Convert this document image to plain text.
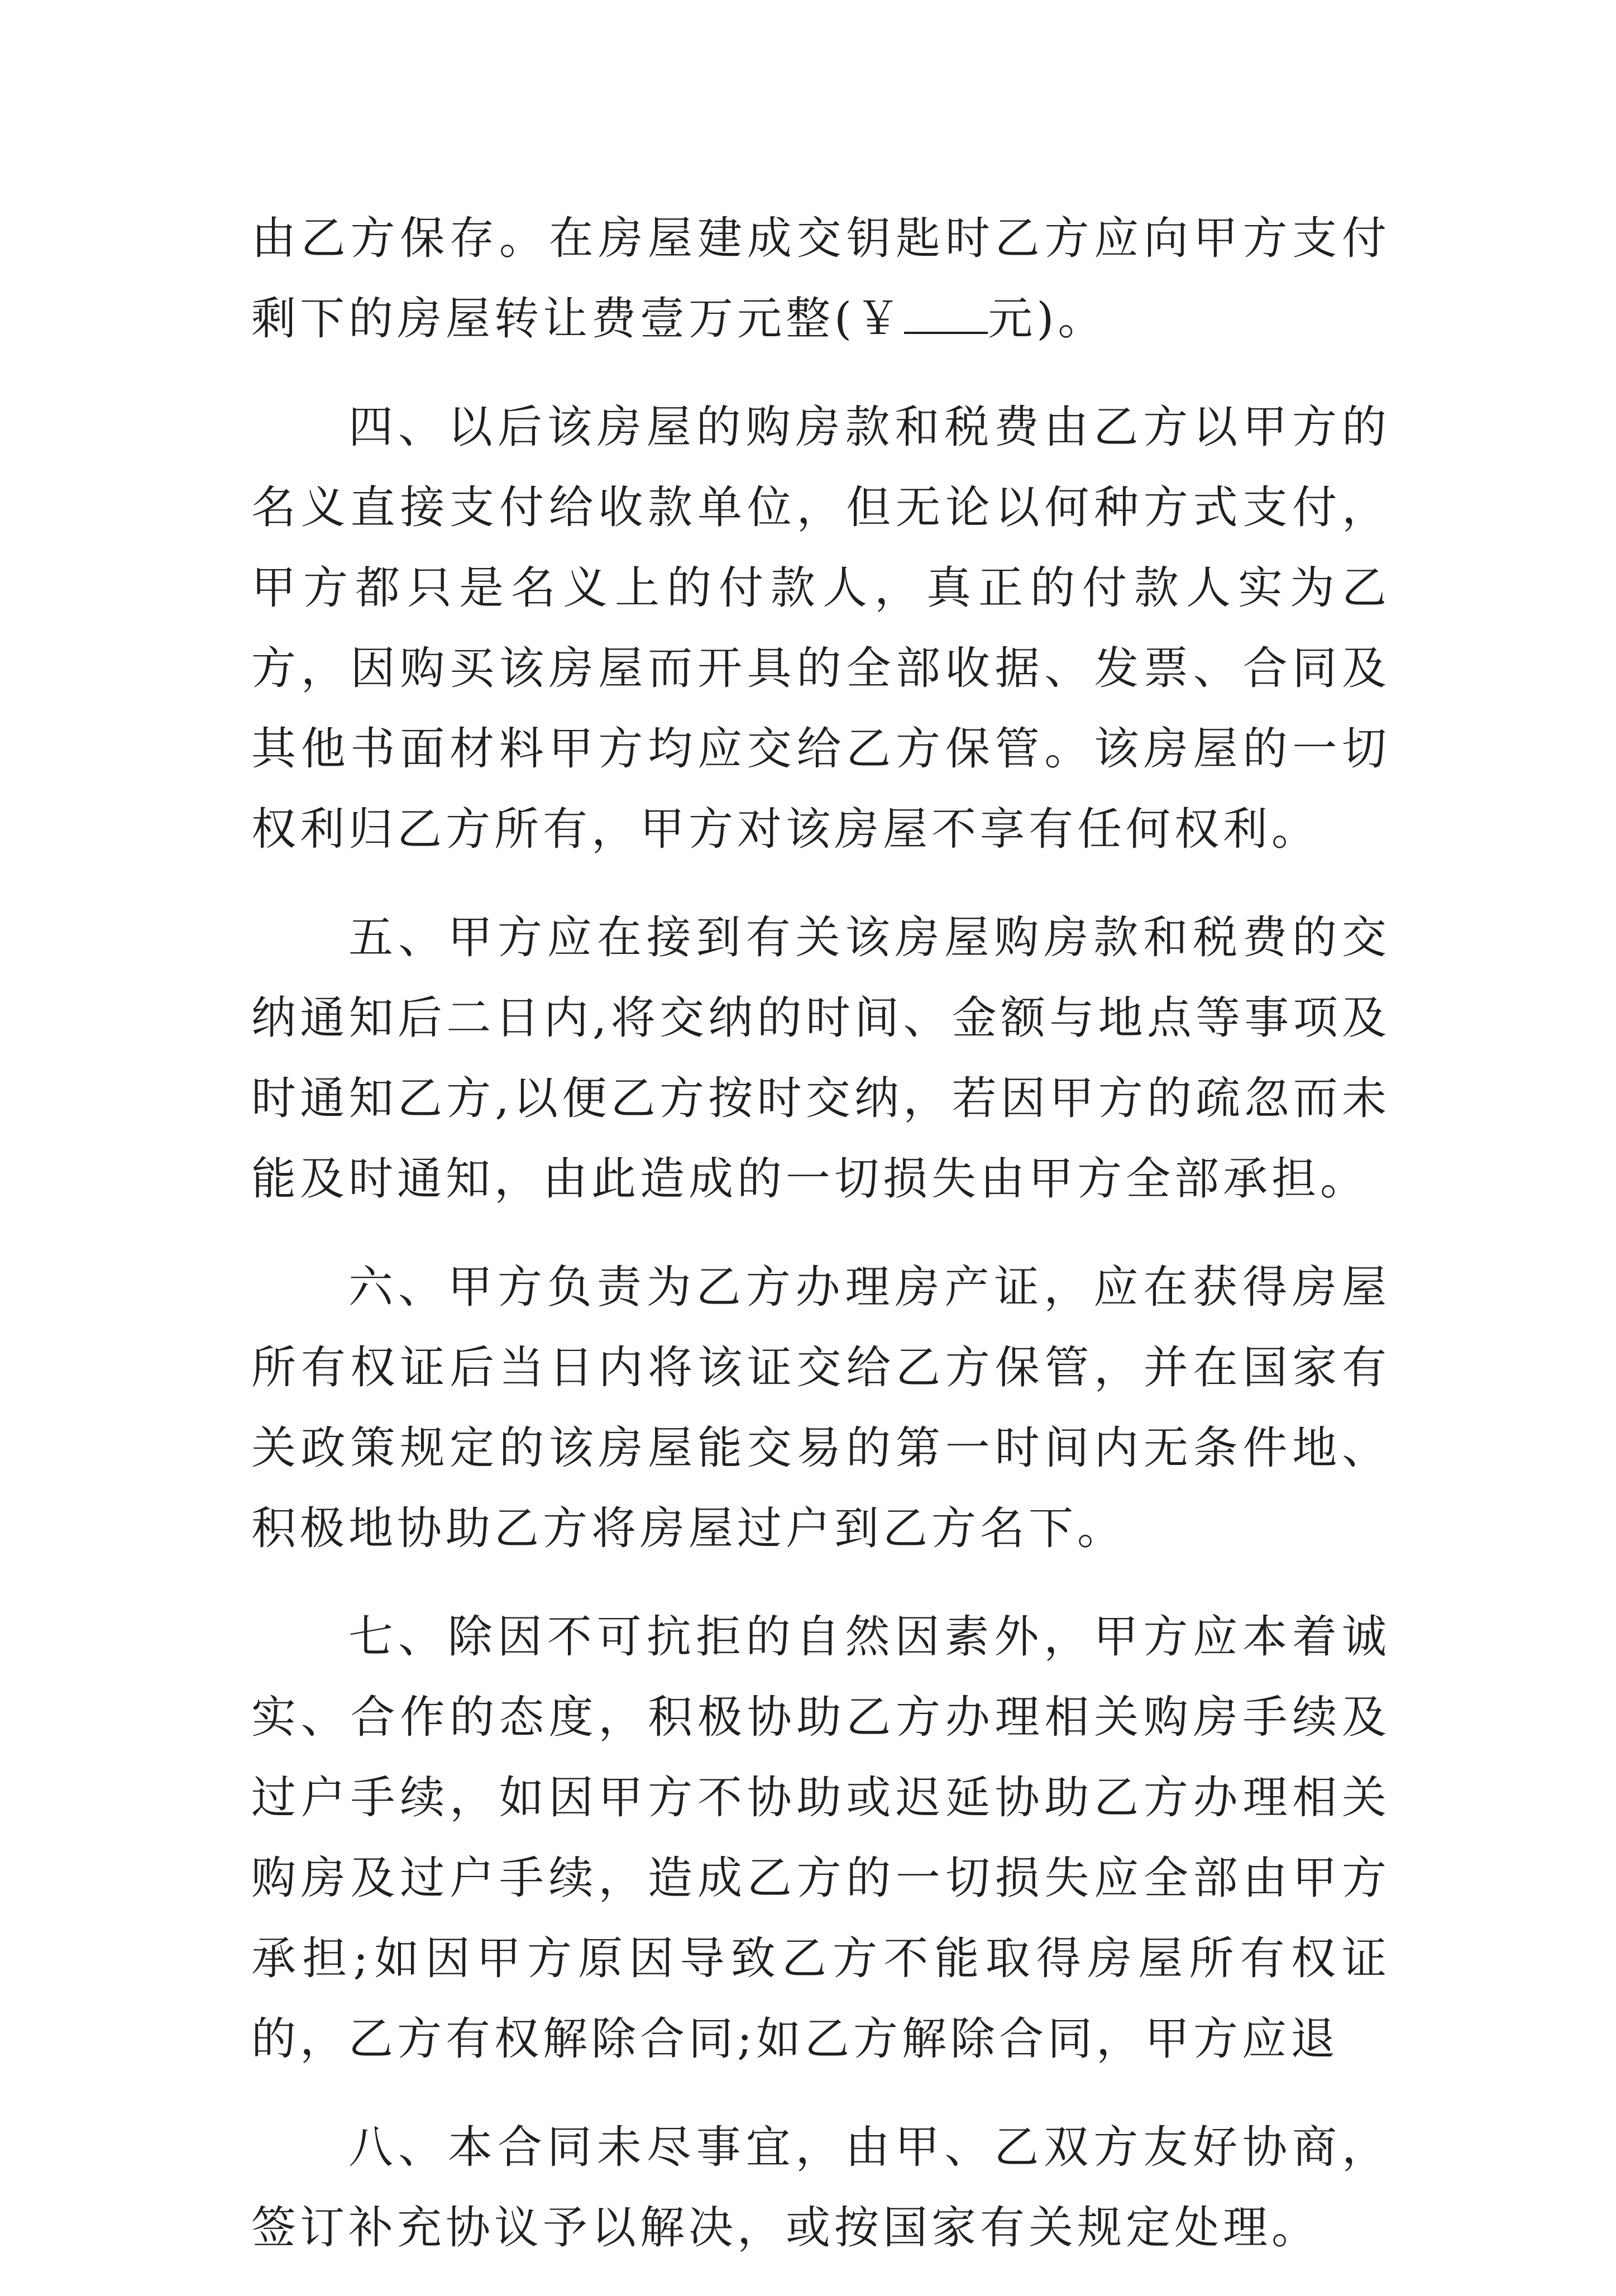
由乙方保存。在房屋建成交钥匙时乙方应向甲方支付剩下的房屋转让费壹万元整(￥ 元)。

四、以后该房屋的购房款和税费由乙方以甲方的名义直接支付给收款单位，但无论以何种方式支付，甲方都只是名义上的付款人，真正的付款人实为乙方，因购买该房屋而开具的全部收据、发票、合同及其他书面材料甲方均应交给乙方保管。该房屋的一切权利归乙方所有，甲方对该房屋不享有任何权利。

五、甲方应在接到有关该房屋购房款和税费的交纳通知后二日内,将交纳的时间、金额与地点等事项及时通知乙方,以便乙方按时交纳，若因甲方的疏忽而未能及时通知，由此造成的一切损失由甲方全部承担。

六、甲方负责为乙方办理房产证，应在获得房屋所有权证后当日内将该证交给乙方保管，并在国家有关政策规定的该房屋能交易的第一时间内无条件地、积极地协助乙方将房屋过户到乙方名下。

七、除因不可抗拒的自然因素外，甲方应本着诚实、合作的态度，积极协助乙方办理相关购房手续及过户手续，如因甲方不协助或迟延协助乙方办理相关购房及过户手续，造成乙方的一切损失应全部由甲方承担;如因甲方原因导致乙方不能取得房屋所有权证的，乙方有权解除合同;如乙方解除合同，甲方应退

八、本合同未尽事宜，由甲、乙双方友好协商，签订补充协议予以解决，或按国家有关规定处理。
